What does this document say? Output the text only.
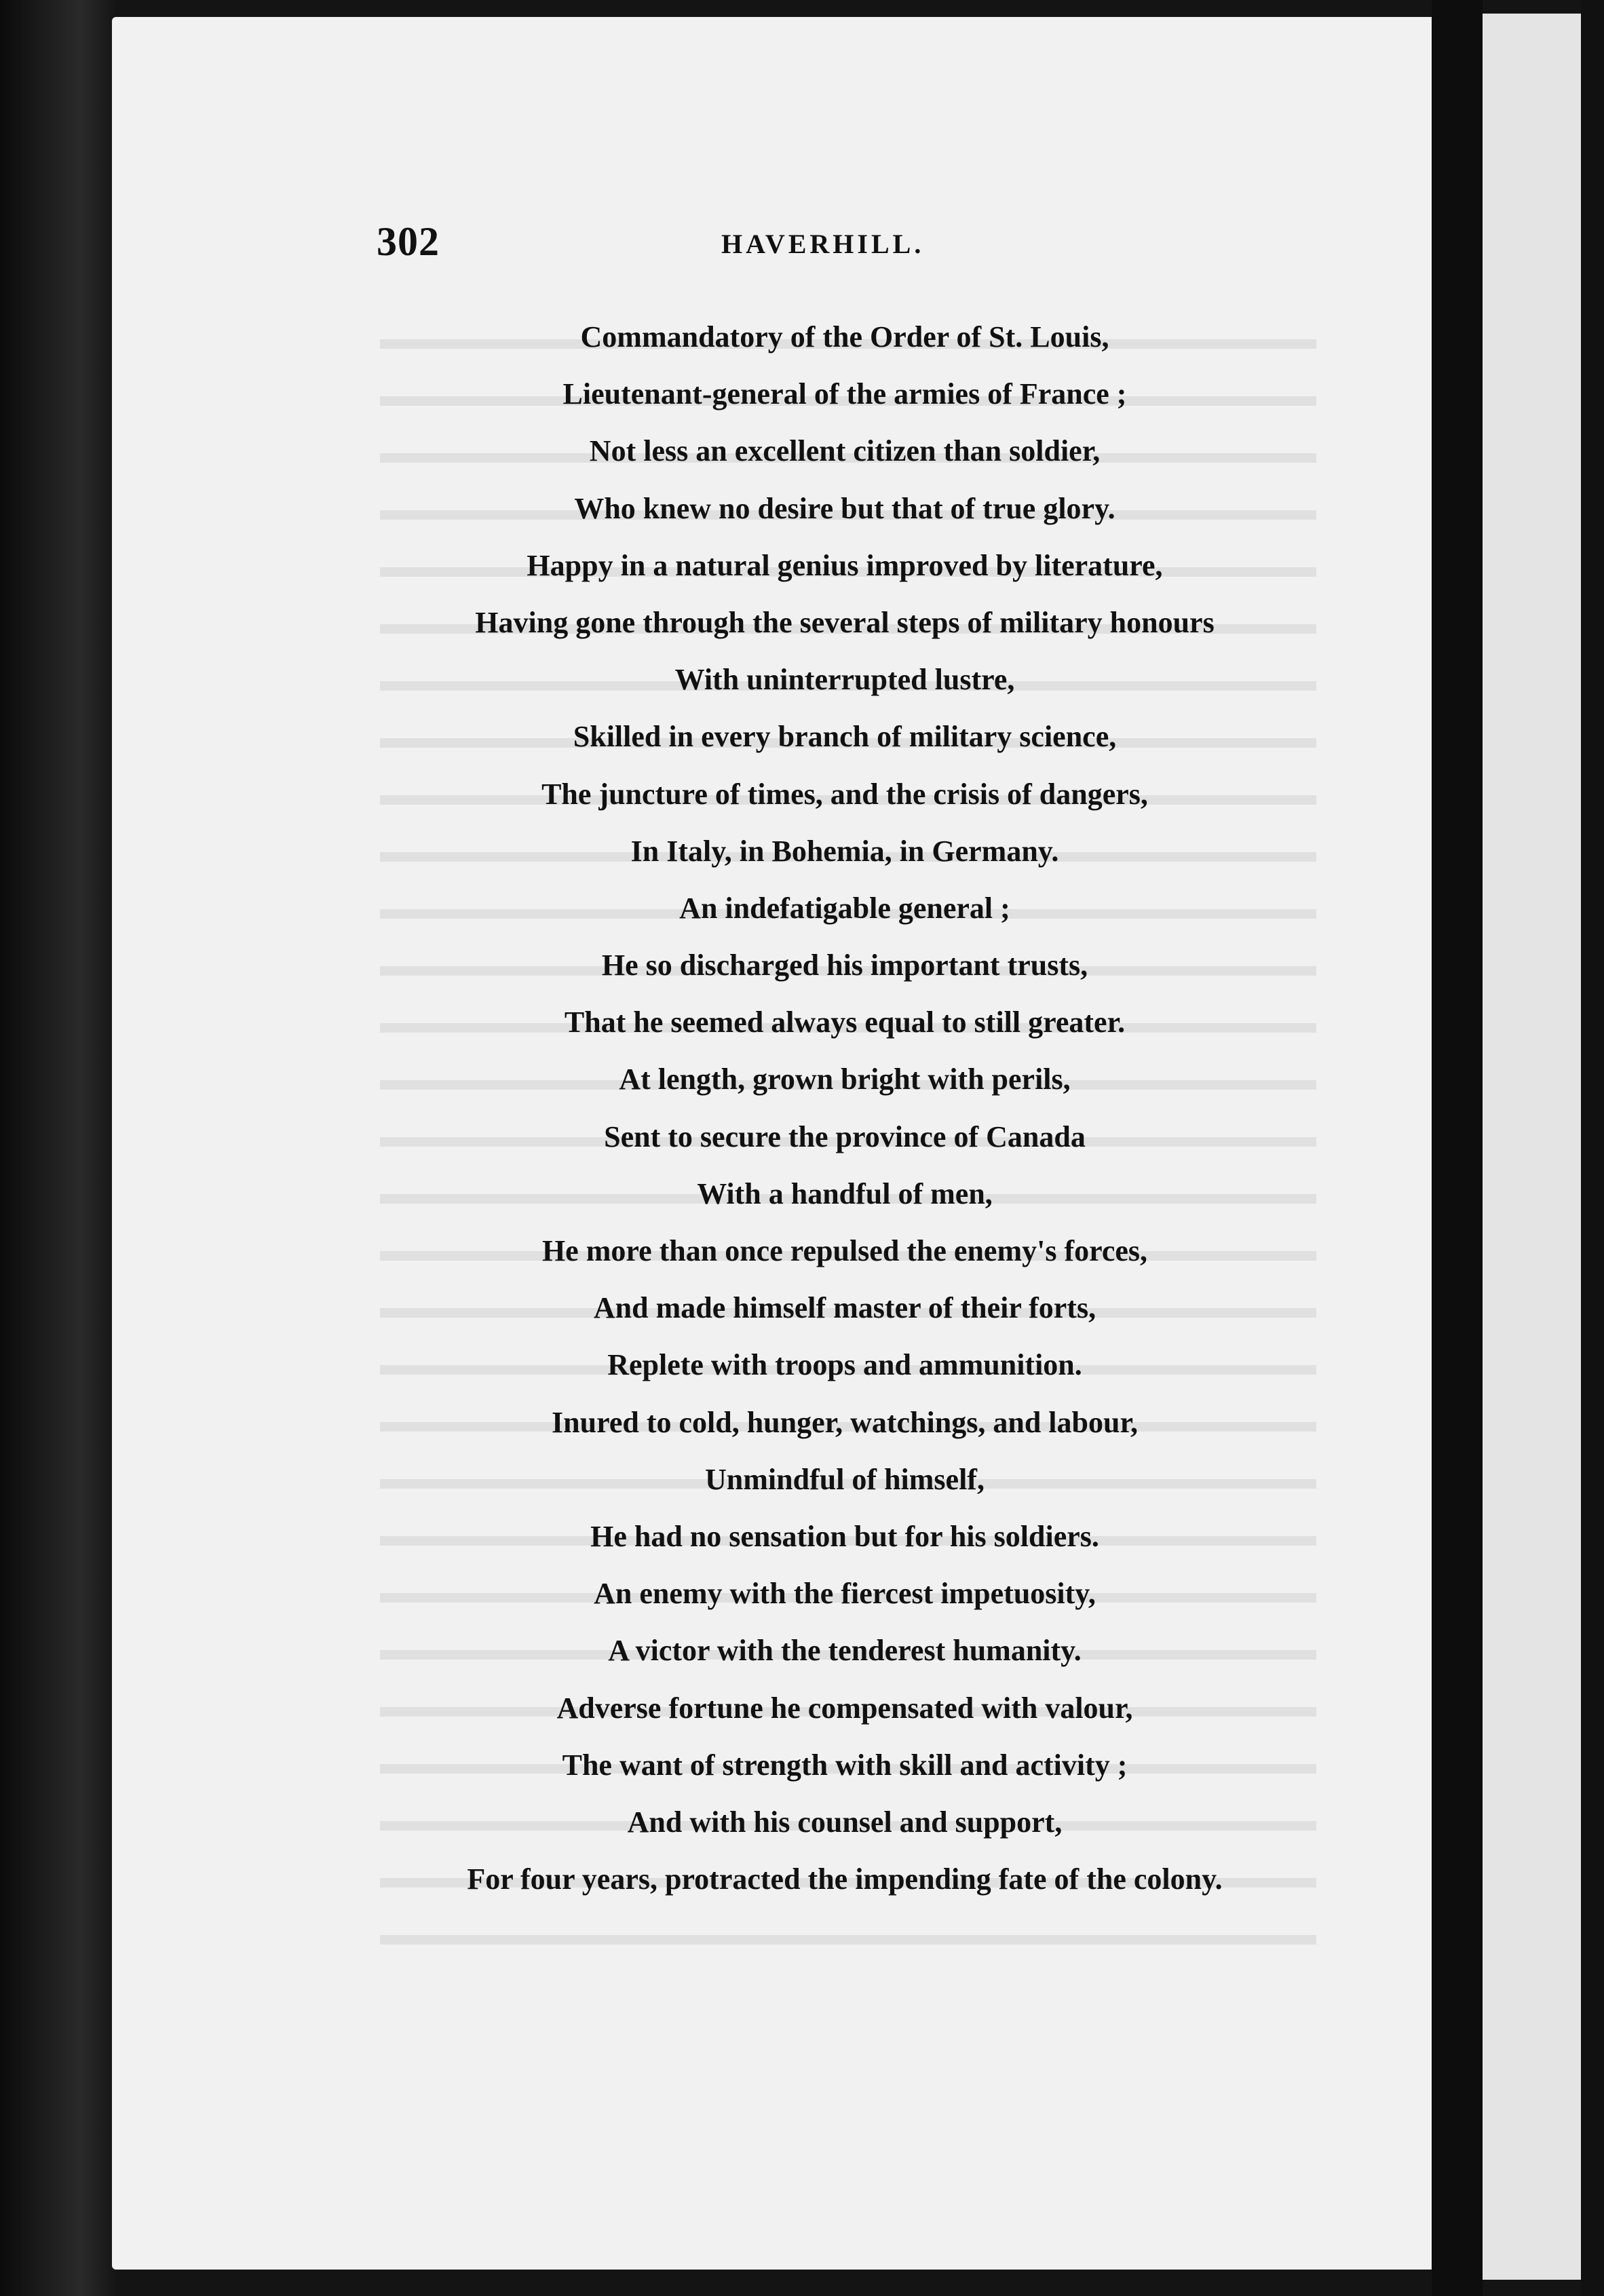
302	HAVERHILL.
Commandatory of the Order of St. Louis,
Lieutenant-general of the armies of France ;
Not less an excellent citizen than soldier,
Who knew no desire but that of true glory.
Happy in a natural genius improved by literature,
Having gone through the several steps of military honours
With uninterrupted lustre,
Skilled in every branch of military science,
The juncture of times, and the crisis of dangers,
In Italy, in Bohemia, in Germany.
An indefatigable general ;
He so discharged his important trusts,
That he seemed always equal to still greater.
At length, grown bright with perils,
Sent to secure the province of Canada
With a handful of men,
He more than once repulsed the enemy's forces,
And made himself master of their forts,
Replete with troops and ammunition.
Inured to cold, hunger, watchings, and labour,
Unmindful of himself,
He had no sensation but for his soldiers.
An enemy with the fiercest impetuosity,
A victor with the tenderest humanity.
Adverse fortune he compensated with valour,
The want of strength with skill and activity ;
And with his counsel and support,
For four years, protracted the impending fate of the colony.
